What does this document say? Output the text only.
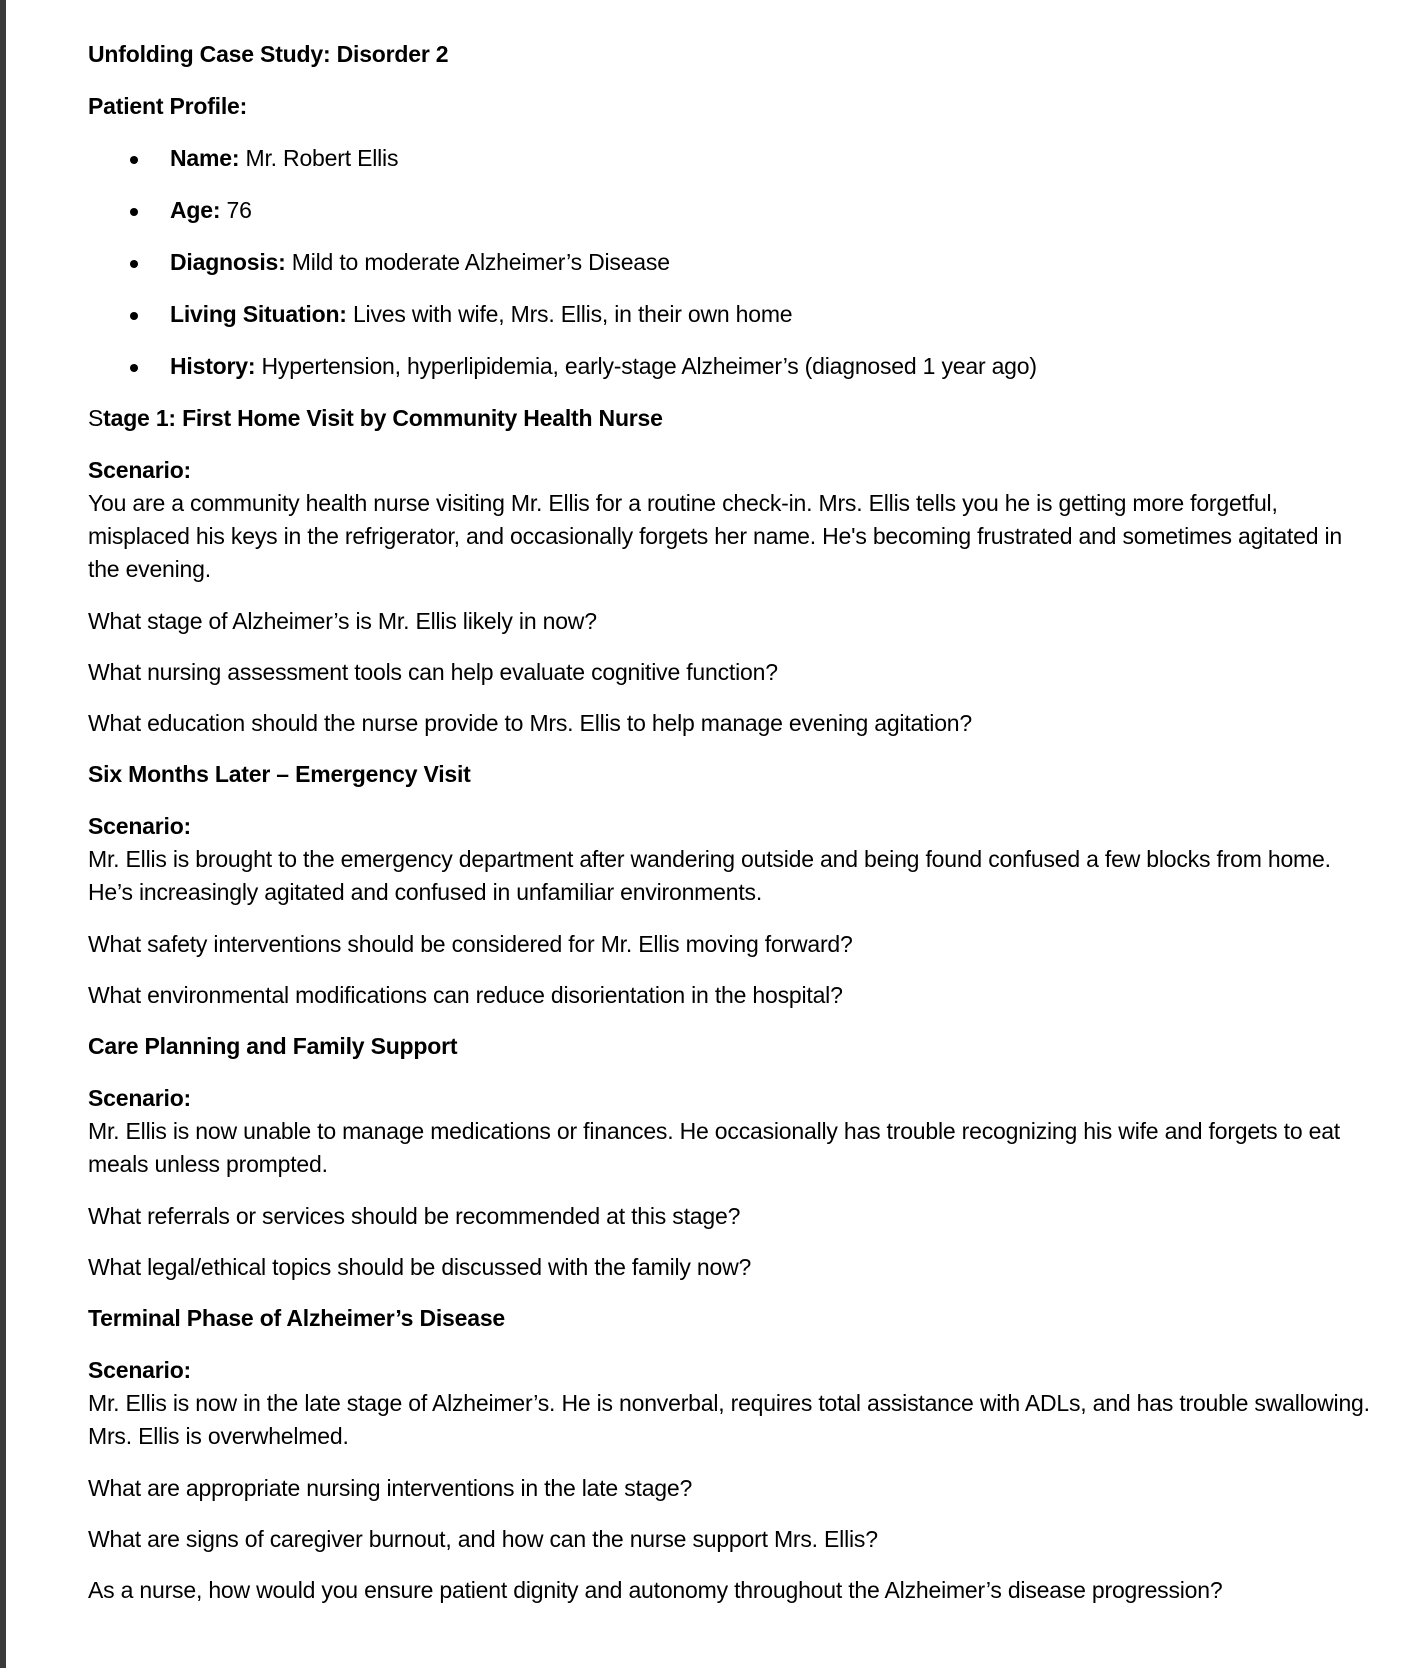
Unfolding Case Study: Disorder 2

Patient Profile:

Name: Mr. Robert Ellis
Age: 76
Diagnosis: Mild to moderate Alzheimer’s Disease
Living Situation: Lives with wife, Mrs. Ellis, in their own home
History: Hypertension, hyperlipidemia, early-stage Alzheimer’s (diagnosed 1 year ago)

Stage 1: First Home Visit by Community Health Nurse

Scenario:

You are a community health nurse visiting Mr. Ellis for a routine check-in. Mrs. Ellis tells you he is getting more forgetful, misplaced his keys in the refrigerator, and occasionally forgets her name. He's becoming frustrated and sometimes agitated in the evening.

What stage of Alzheimer’s is Mr. Ellis likely in now?

What nursing assessment tools can help evaluate cognitive function?

What education should the nurse provide to Mrs. Ellis to help manage evening agitation?

Six Months Later – Emergency Visit

Scenario:

Mr. Ellis is brought to the emergency department after wandering outside and being found confused a few blocks from home. He’s increasingly agitated and confused in unfamiliar environments.

What safety interventions should be considered for Mr. Ellis moving forward?

What environmental modifications can reduce disorientation in the hospital?

Care Planning and Family Support

Scenario:

Mr. Ellis is now unable to manage medications or finances. He occasionally has trouble recognizing his wife and forgets to eat meals unless prompted.

What referrals or services should be recommended at this stage?

What legal/ethical topics should be discussed with the family now?

Terminal Phase of Alzheimer’s Disease

Scenario:

Mr. Ellis is now in the late stage of Alzheimer’s. He is nonverbal, requires total assistance with ADLs, and has trouble swallowing. Mrs. Ellis is overwhelmed.

What are appropriate nursing interventions in the late stage?

What are signs of caregiver burnout, and how can the nurse support Mrs. Ellis?

As a nurse, how would you ensure patient dignity and autonomy throughout the Alzheimer’s disease progression?
